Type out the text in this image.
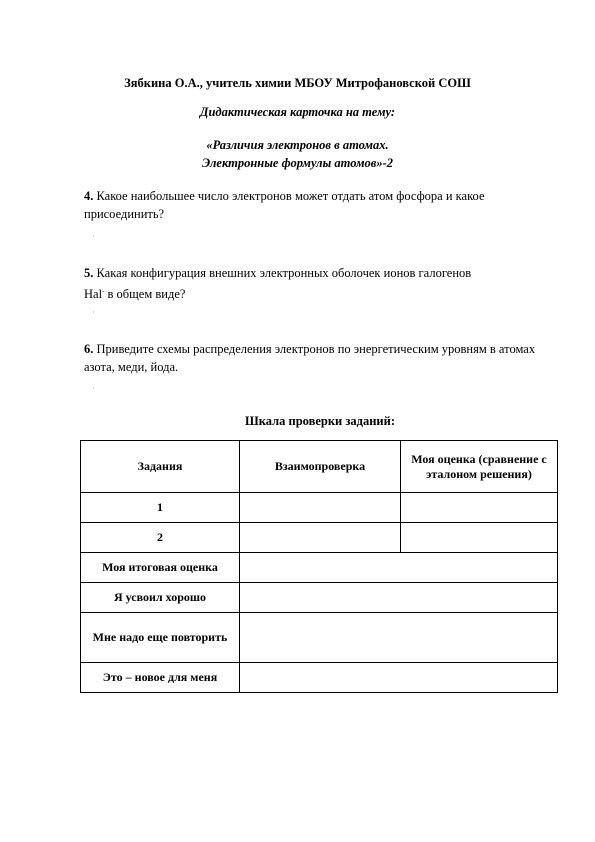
Зябкина О.А., учитель химии МБОУ Митрофановской СОШ
Дидактическая карточка на тему:
«Различия электронов в атомах.
Электронные формулы атомов»-2
4. Какое наибольшее число электронов может отдать атом фосфора и какое присоединить?
·
5. Какая конфигурация внешних электронных оболочек ионов галогенов
Hal- в общем виде?
·
6. Приведите схемы распределения электронов по энергетическим уровням в атомах азота, меди, йода.
·
Шкала проверки заданий:
Задания	Взаимопроверка	Моя оценка (сравнение с эталоном решения)
1		
2		
Моя итоговая оценка		
Я усвоил хорошо		
Мне надо еще повторить		
Это – новое для меня		
